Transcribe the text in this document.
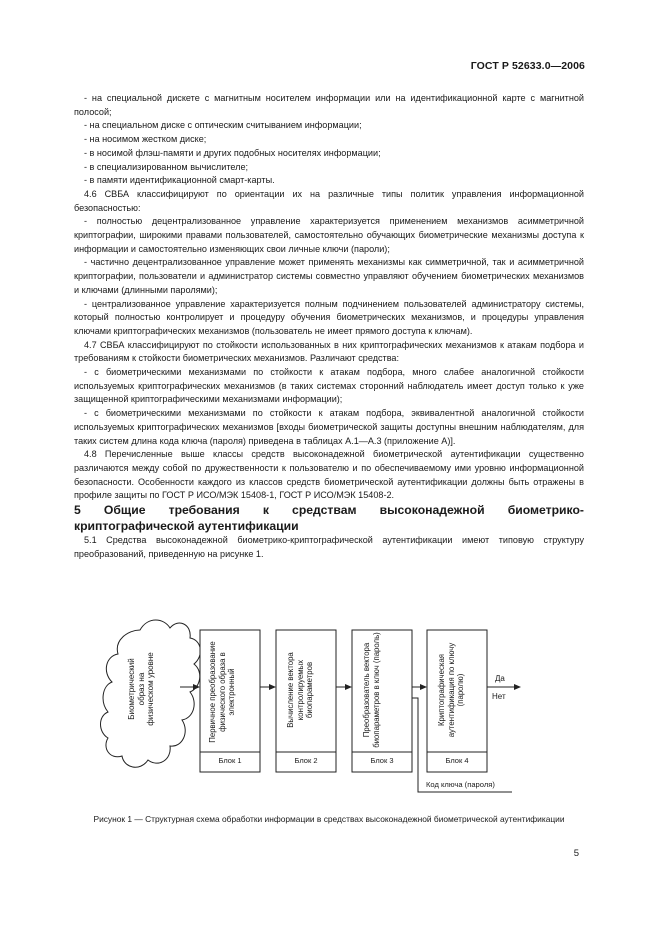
ГОСТ Р 52633.0—2006

- на специальной дискете с магнитным носителем информации или на идентификационной карте с магнитной полосой;

- на специальном диске с оптическим считыванием информации;

- на носимом жестком диске;

- в носимой флэш-памяти и других подобных носителях информации;

- в специализированном вычислителе;

- в памяти идентификационной смарт-карты.

4.6 СВБА классифицируют по ориентации их на различные типы политик управления информационной безопасностью:

- полностью децентрализованное управление характеризуется применением механизмов асимметричной криптографии, широкими правами пользователей, самостоятельно обучающих биометрические механизмы доступа к информации и самостоятельно изменяющих свои личные ключи (пароли);

- частично децентрализованное управление может применять механизмы как симметричной, так и асимметричной криптографии, пользователи и администратор системы совместно управляют обучением биометрических механизмов и ключами (длинными паролями);

- централизованное управление характеризуется полным подчинением пользователей администратору системы, который полностью контролирует и процедуру обучения биометрических механизмов, и процедуры управления ключами криптографических механизмов (пользователь не имеет прямого доступа к ключам).

4.7 СВБА классифицируют по стойкости использованных в них криптографических механизмов к атакам подбора и требованиям к стойкости биометрических механизмов. Различают средства:

- с биометрическими механизмами по стойкости к атакам подбора, много слабее аналогичной стойкости используемых криптографических механизмов (в таких системах сторонний наблюдатель имеет доступ только к уже защищенной криптографическими механизмами информации);

- с биометрическими механизмами по стойкости к атакам подбора, эквивалентной аналогичной стойкости используемых криптографических механизмов [входы биометрической защиты доступны внешним наблюдателям, для таких систем длина кода ключа (пароля) приведена в таблицах А.1—А.3 (приложение А)].

4.8 Перечисленные выше классы средств высоконадежной биометрической аутентификации существенно различаются между собой по дружественности к пользователю и по обеспечиваемому ими уровню информационной безопасности. Особенности каждого из классов средств биометрической аутентификации должны быть отражены в профиле защиты по ГОСТ Р ИСО/МЭК 15408-1, ГОСТ Р ИСО/МЭК 15408-2.

5 Общие требования к средствам высоконадежной биометрико-криптографической аутентификации

5.1 Средства высоконадежной биометрико-криптографической аутентификации имеют типовую структуру преобразований, приведенную на рисунке 1.

Биометрический образ на физическом уровне	Первичное преобразование физического образа в электронный	Вычисление вектора контролируемых биопараметров	Преобразователь вектора биопараметров в ключ (пароль)	Криптографическая аутентификация по ключу (паролю)
Блок 1	Блок 2	Блок 3	Блок 4
Да
Нет
Код ключа (пароля)
Рисунок 1 — Структурная схема обработки информации в средствах высоконадежной биометрической аутентификации
5
